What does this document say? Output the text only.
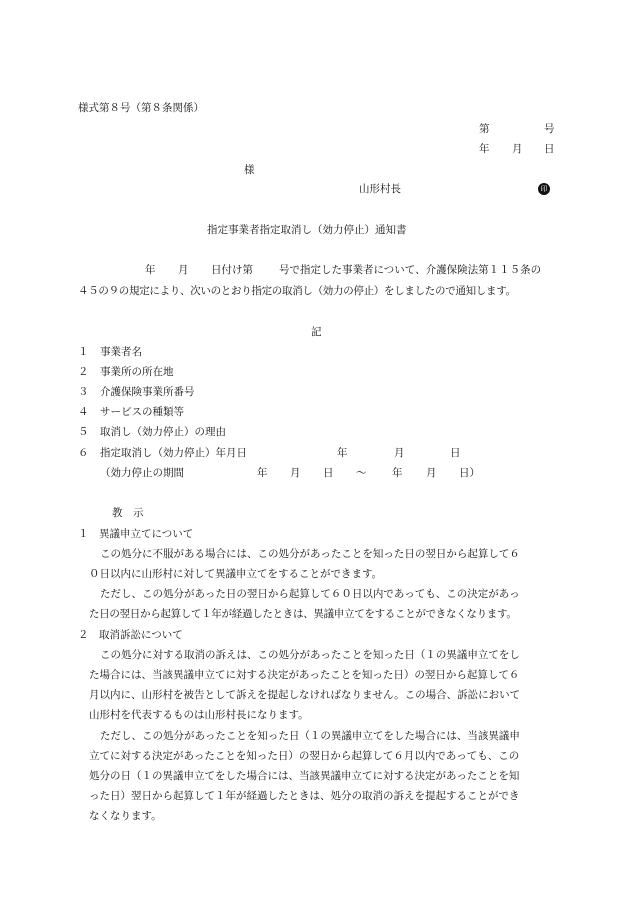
様式第８号（第８条関係）
第	号
年 月 日
様
山形村長	印
指定事業者指定取消し（効力停止）通知書
年 月 日付け第 号で指定した事業者について、介護保険法第１１５条の
４５の９の規定により、次いのとおり指定の取消し（効力の停止）をしましたので通知します。
記
１ 事業者名
２ 事業所の所在地
３ 介護保険事業所番号
４ サービスの種類等
５ 取消し（効力停止）の理由
６ 指定取消し（効力停止）年月日	年	月	日
（効力停止の期間	年 月 日 ～ 年 月 日）
教　示
１　異議申立てについて
この処分に不服がある場合には、この処分があったことを知った日の翌日から起算して６
０日以内に山形村に対して異議申立てをすることができます。
ただし、この処分があった日の翌日から起算して６０日以内であっても、この決定があっ
た日の翌日から起算して１年が経過したときは、異議申立てをすることができなくなります。
２　取消訴訟について
この処分に対する取消の訴えは、この処分があったことを知った日（１の異議申立てをし
た場合には、当該異議申立てに対する決定があったことを知った日）の翌日から起算して６
月以内に、山形村を被告として訴えを提起しなければなりません。この場合、訴訟において
山形村を代表するものは山形村長になります。
ただし、この処分があったことを知った日（１の異議申立てをした場合には、当該異議申
立てに対する決定があったことを知った日）の翌日から起算して６月以内であっても、この
処分の日（１の異議申立てをした場合には、当該異議申立てに対する決定があったことを知
った日）翌日から起算して１年が経過したときは、処分の取消の訴えを提起することができ
なくなります。
